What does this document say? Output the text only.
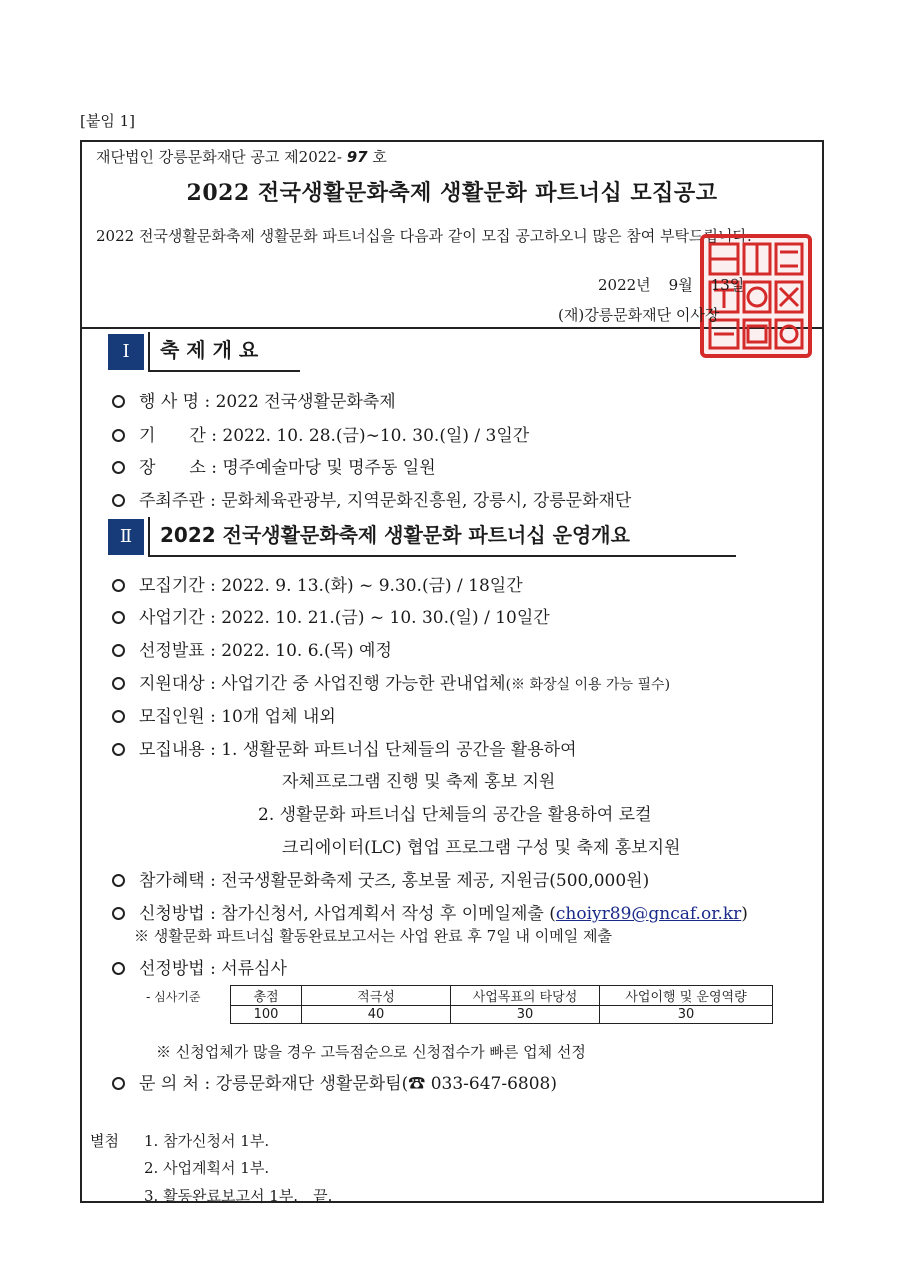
[붙임 1]
재단법인 강릉문화재단 공고 제2022- 97 호
2022 전국생활문화축제 생활문화 파트너십 모집공고
2022 전국생활문화축제 생활문화 파트너십을 다음과 같이 모집 공고하오니 많은 참여 부탁드립니다.
2022년 9월 13일
(재)강릉문화재단 이사장
Ⅰ	축 제 개 요
행 사 명 : 2022 전국생활문화축제
기　　간 : 2022. 10. 28.(금)∼10. 30.(일) / 3일간
장　　소 : 명주예술마당 및 명주동 일원
주최주관 : 문화체육관광부, 지역문화진흥원, 강릉시, 강릉문화재단
Ⅱ	2022 전국생활문화축제 생활문화 파트너십 운영개요
모집기간 : 2022. 9. 13.(화) ~ 9.30.(금) / 18일간
사업기간 : 2022. 10. 21.(금) ~ 10. 30.(일) / 10일간
선정발표 : 2022. 10. 6.(목) 예정
지원대상 : 사업기간 중 사업진행 가능한 관내업체(※ 화장실 이용 가능 필수)
모집인원 : 10개 업체 내외
모집내용 : 1. 생활문화 파트너십 단체들의 공간을 활용하여
자체프로그램 진행 및 축제 홍보 지원
2. 생활문화 파트너십 단체들의 공간을 활용하여 로컬
크리에이터(LC) 협업 프로그램 구성 및 축제 홍보지원
참가혜택 : 전국생활문화축제 굿즈, 홍보물 제공, 지원금(500,000원)
신청방법 : 참가신청서, 사업계획서 작성 후 이메일제출 (choiyr89@gncaf.or.kr)
※ 생활문화 파트너십 활동완료보고서는 사업 완료 후 7일 내 이메일 제출
선정방법 : 서류심사
- 심사기준	총점	적극성	사업목표의 타당성	사업이행 및 운영역량
100	40	30	30
※ 신청업체가 많을 경우 고득점순으로 신청접수가 빠른 업체 선정
문 의 처 : 강릉문화재단 생활문화팀(☎ 033-647-6808)
별첨 1. 참가신청서 1부.
2. 사업계획서 1부.
3. 활동완료보고서 1부.　끝.
